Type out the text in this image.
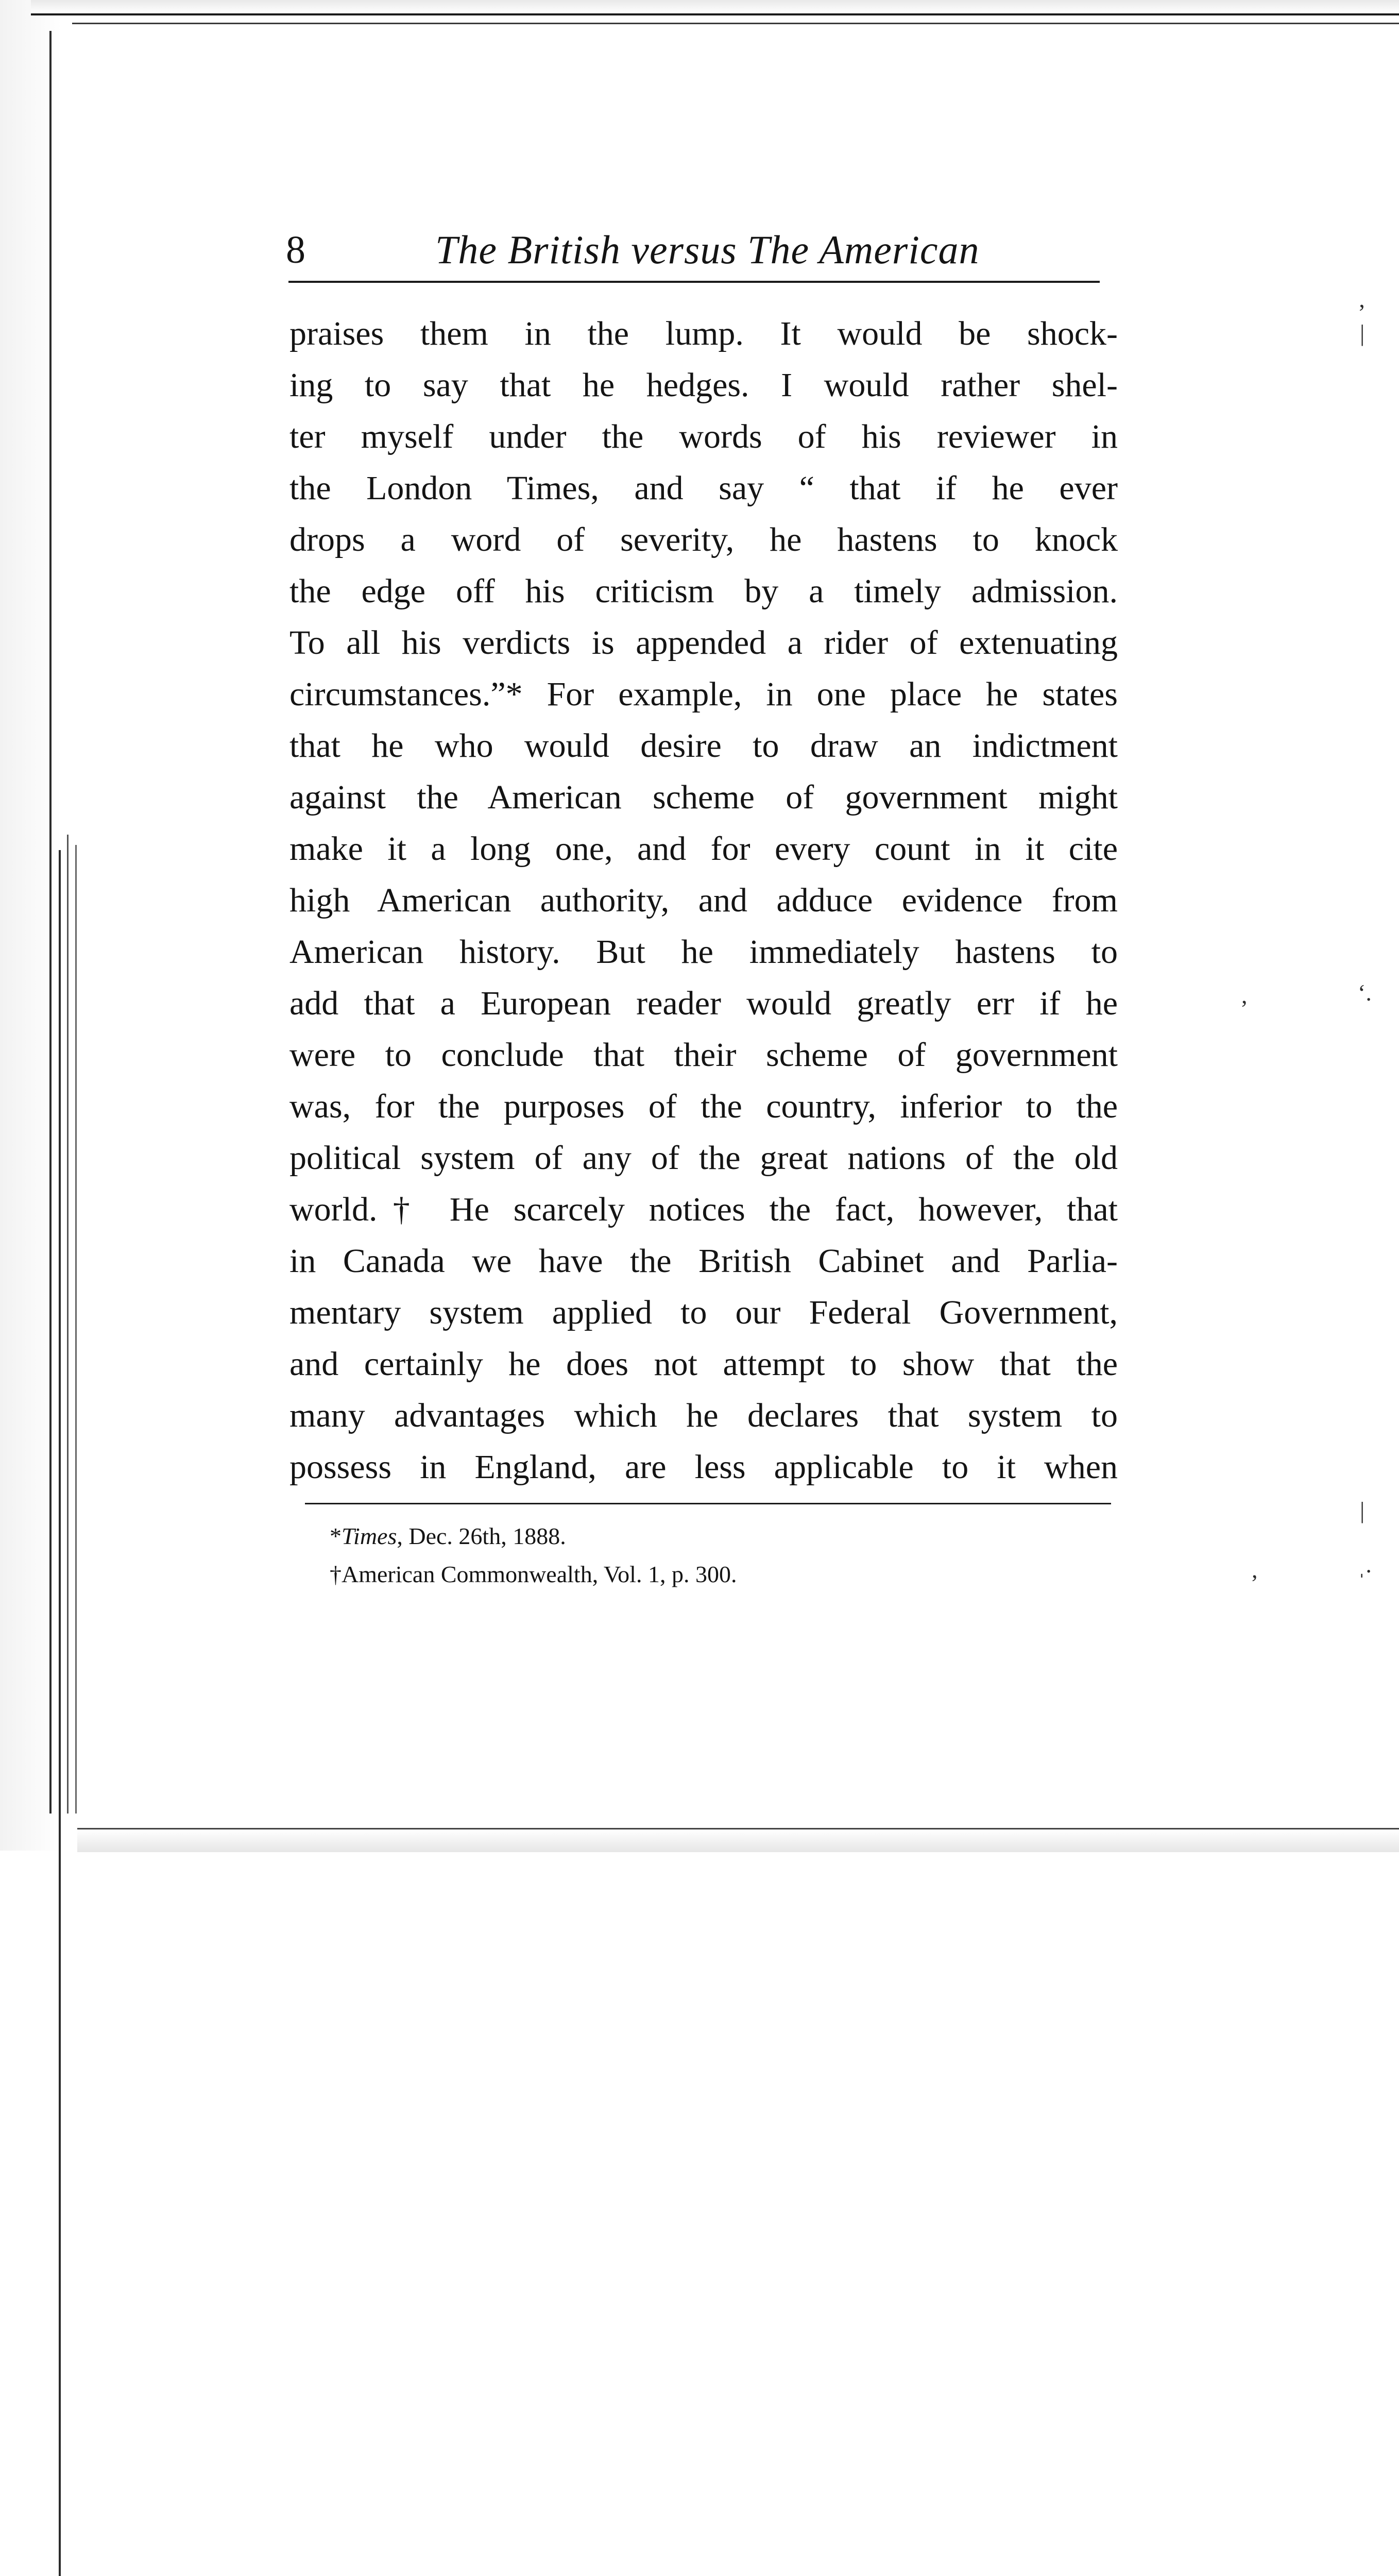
ʼ
|
,	‘.
|
,	ˌ.
8	The British versus The American
praises them in the lump. It would be shock-
ing to say that he hedges. I would rather shel-
ter myself under the words of his reviewer in
the London Times, and say “ that if he ever
drops a word of severity, he hastens to knock
the edge off his criticism by a timely admission.
To all his verdicts is appended a rider of extenuating
circumstances.”* For example, in one place he states
that he who would desire to draw an indictment
against the American scheme of government might
make it a long one, and for every count in it cite
high American authority, and adduce evidence from
American history. But he immediately hastens to
add that a European reader would greatly err if he
were to conclude that their scheme of government
was, for the purposes of the country, inferior to the
political system of any of the great nations of the old
world.† He scarcely notices the fact, however, that
in Canada we have the British Cabinet and Parlia-
mentary system applied to our Federal Government,
and certainly he does not attempt to show that the
many advantages which he declares that system to
possess in England, are less applicable to it when
*Times, Dec. 26th, 1888.
†American Commonwealth, Vol. 1, p. 300.
